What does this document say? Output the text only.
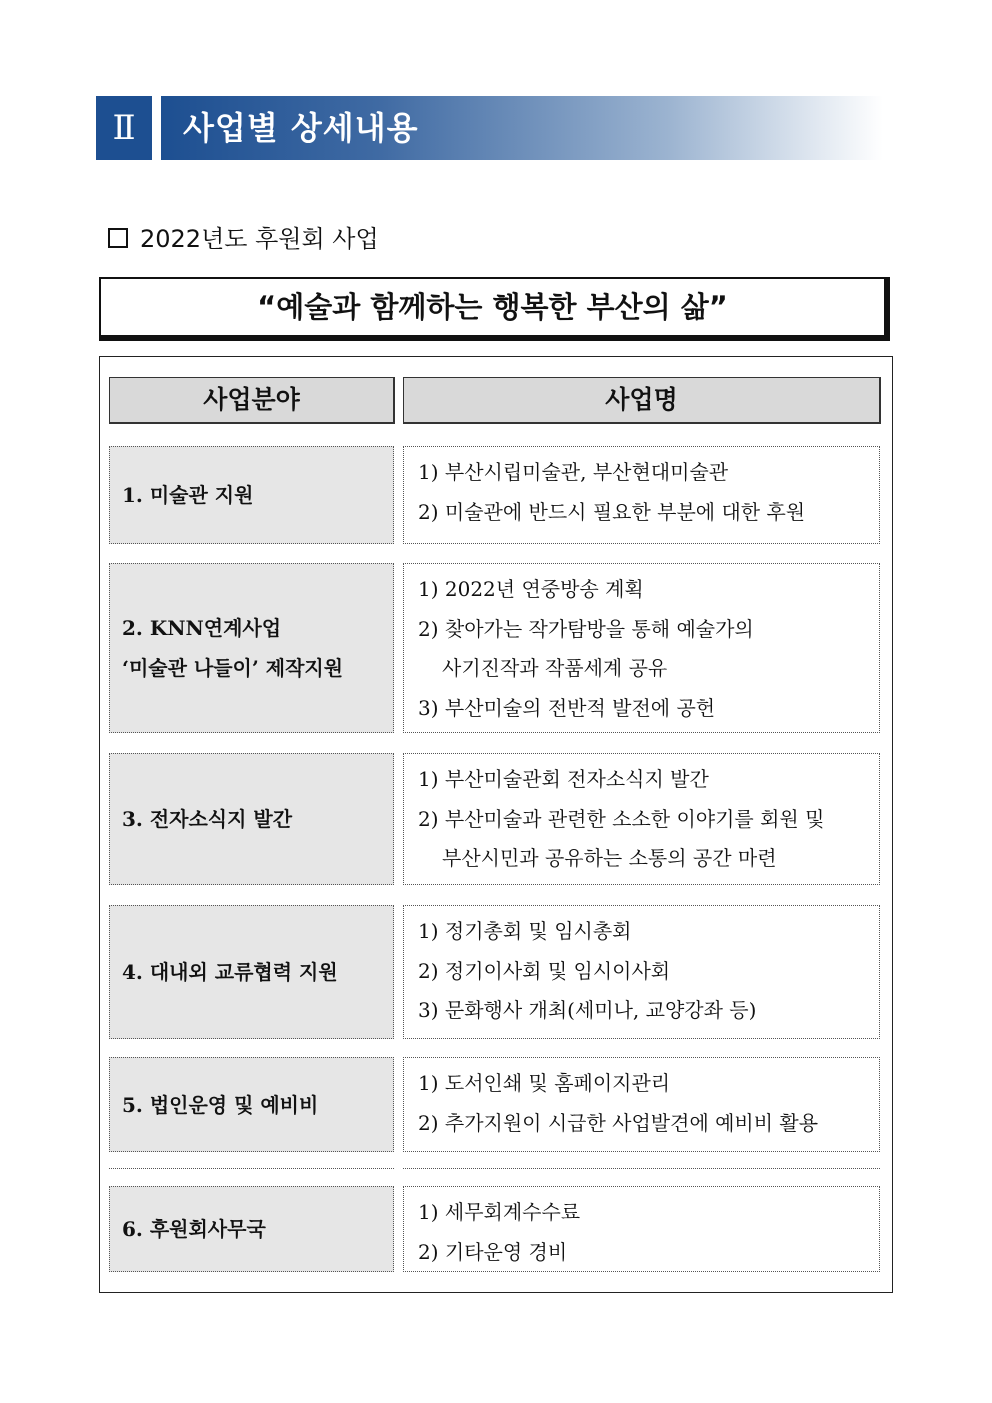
Ⅱ	사업별 상세내용
2022년도 후원회 사업
“예술과 함께하는 행복한 부산의 삶”
사업분야	사업명
1. 미술관 지원
1) 부산시립미술관, 부산현대미술관
2) 미술관에 반드시 필요한 부분에 대한 후원
2. KNN연계사업
‘미술관 나들이’ 제작지원
1) 2022년 연중방송 계획
2) 찾아가는 작가탐방을 통해 예술가의
사기진작과 작품세계 공유
3) 부산미술의 전반적 발전에 공헌
3. 전자소식지 발간
1) 부산미술관회 전자소식지 발간
2) 부산미술과 관련한 소소한 이야기를 회원 및
부산시민과 공유하는 소통의 공간 마련
4. 대내외 교류협력 지원
1) 정기총회 및 임시총회
2) 정기이사회 및 임시이사회
3) 문화행사 개최(세미나, 교양강좌 등)
5. 법인운영 및 예비비
1) 도서인쇄 및 홈페이지관리
2) 추가지원이 시급한 사업발견에 예비비 활용
6. 후원회사무국
1) 세무회계수수료
2) 기타운영 경비
